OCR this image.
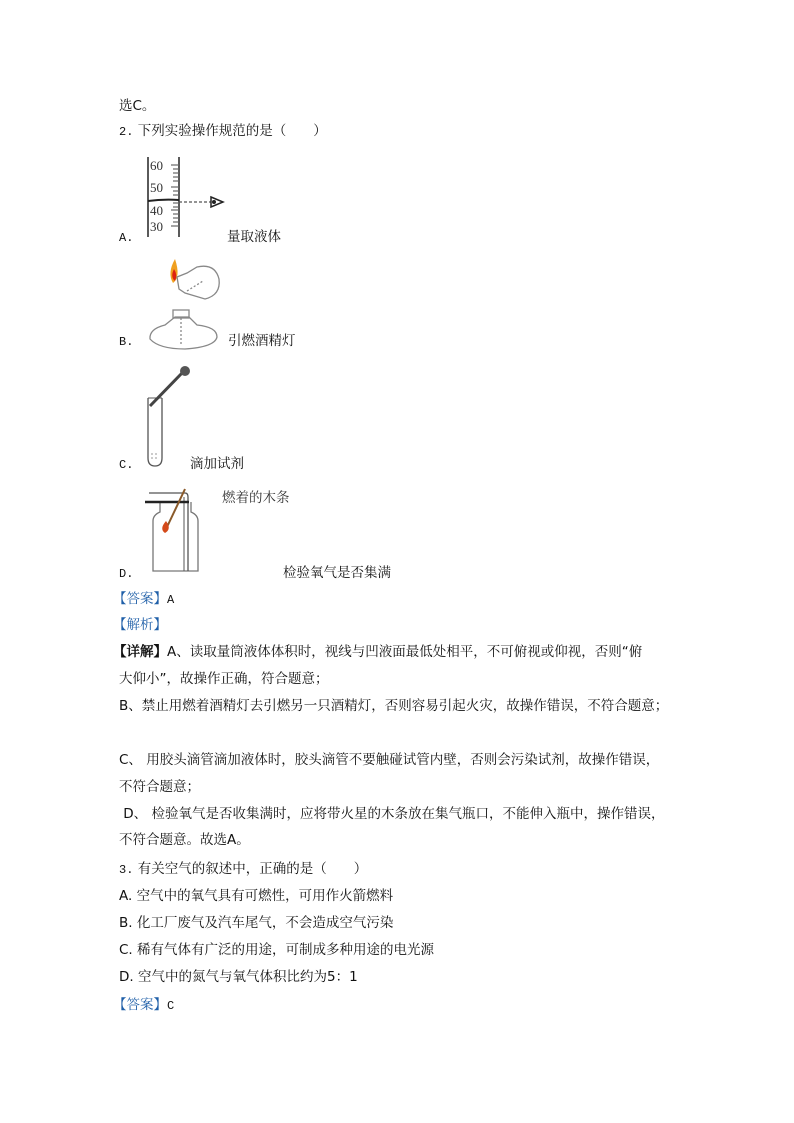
选C。
2. 下列实验操作规范的是（　　）
A.
60
50
40
30
量取液体
B.	引燃酒精灯
C.	滴加试剂
D.
燃着的木条
检验氧气是否集满
【答案】A
【解析】
【详解】A、读取量筒液体体积时，视线与凹液面最低处相平，不可俯视或仰视，否则“俯
大仰小”，故操作正确，符合题意；
B、禁止用燃着酒精灯去引燃另一只酒精灯，否则容易引起火灾，故操作错误，不符合题意；
C、 用胶头滴管滴加液体时，胶头滴管不要触碰试管内壁，否则会污染试剂，故操作错误，
不符合题意；
D、 检验氧气是否收集满时，应将带火星的木条放在集气瓶口，不能伸入瓶中，操作错误，
不符合题意。故选A。
3. 有关空气的叙述中，正确的是（　　）
A. 空气中的氧气具有可燃性，可用作火箭燃料
B. 化工厂废气及汽车尾气，不会造成空气污染
C. 稀有气体有广泛的用途，可制成多种用途的电光源
D. 空气中的氮气与氧气体积比约为5：1
【答案】C
